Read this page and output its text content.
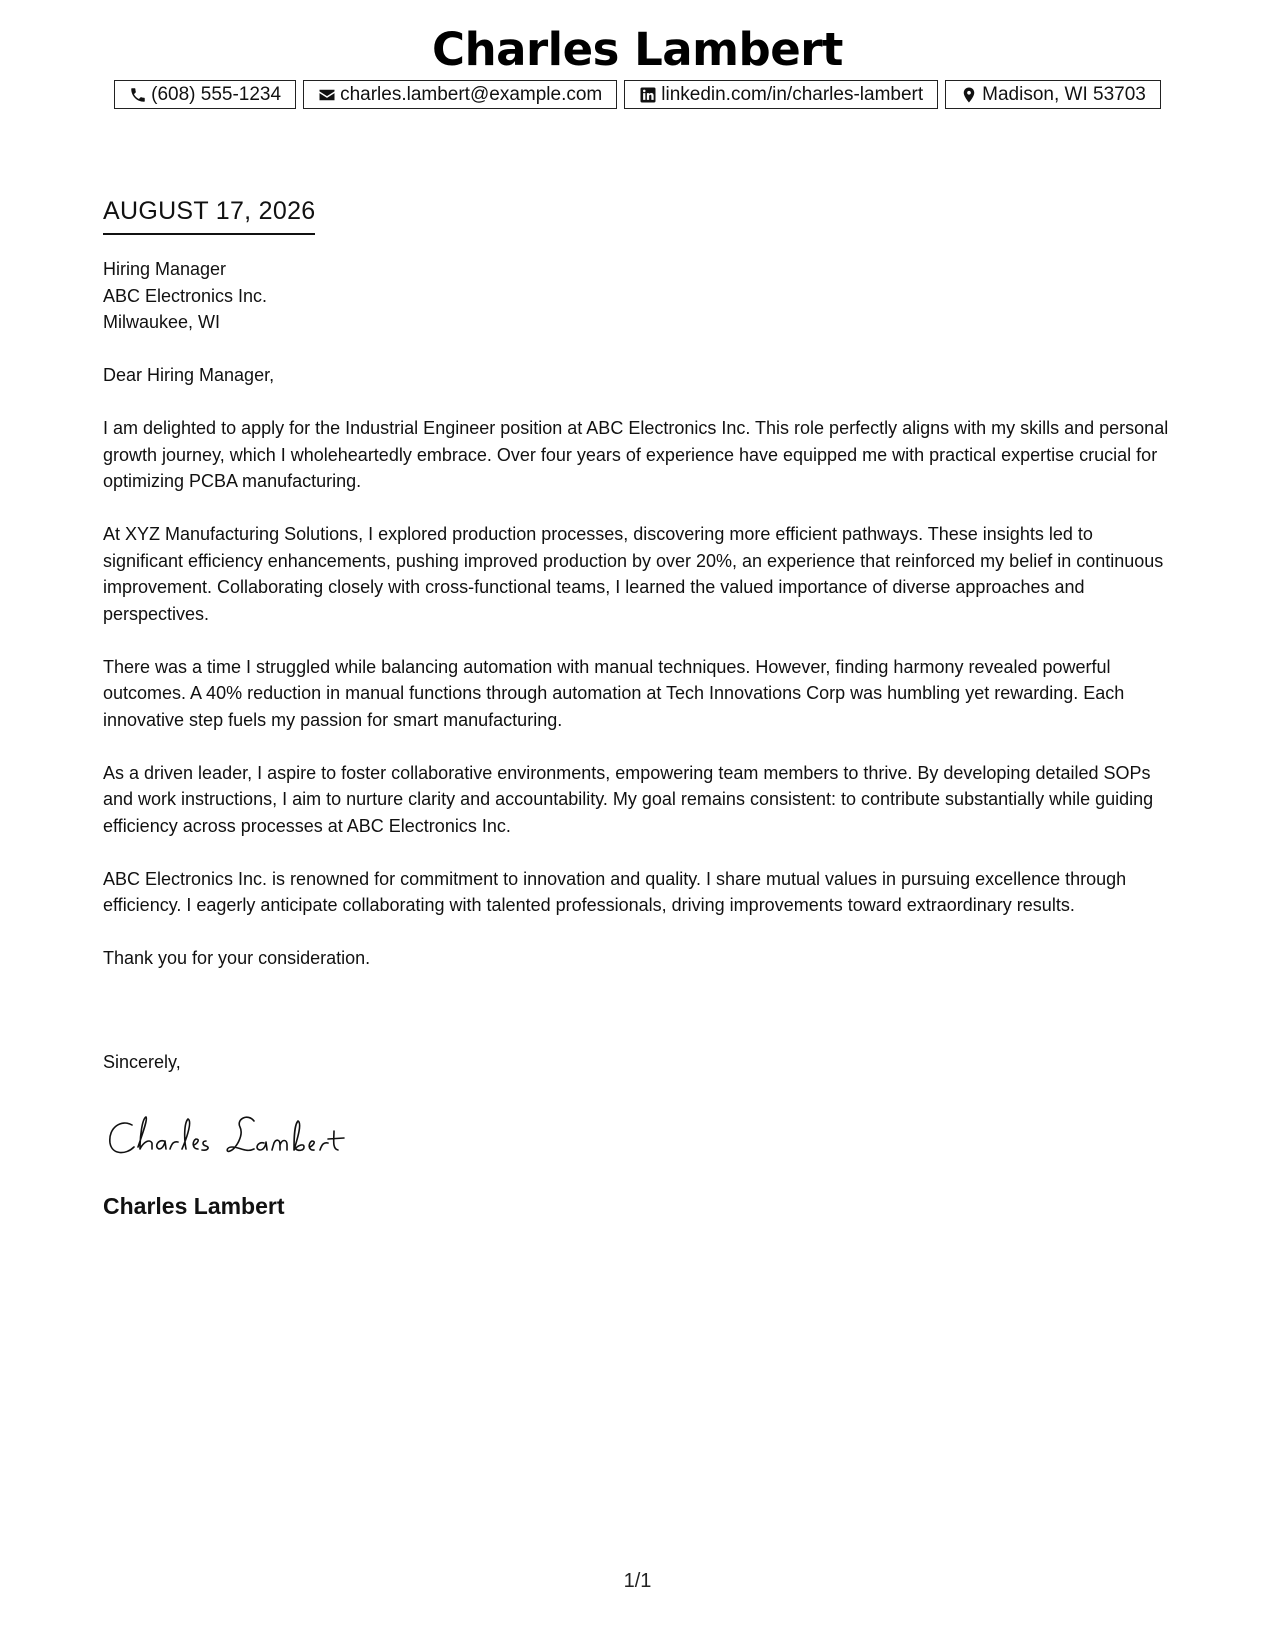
Charles Lambert
(608) 555-1234	charles.lambert@example.com	linkedin.com/in/charles-lambert	Madison, WI 53703
AUGUST 17, 2026
Hiring Manager
ABC Electronics Inc.
Milwaukee, WI

Dear Hiring Manager,

I am delighted to apply for the Industrial Engineer position at ABC Electronics Inc. This role perfectly aligns with my skills and personal growth journey, which I wholeheartedly embrace. Over four years of experience have equipped me with practical expertise crucial for optimizing PCBA manufacturing.

At XYZ Manufacturing Solutions, I explored production processes, discovering more efficient pathways. These insights led to significant efficiency enhancements, pushing improved production by over 20%, an experience that reinforced my belief in continuous improvement. Collaborating closely with cross-functional teams, I learned the valued importance of diverse approaches and perspectives.

There was a time I struggled while balancing automation with manual techniques. However, finding harmony revealed powerful outcomes. A 40% reduction in manual functions through automation at Tech Innovations Corp was humbling yet rewarding. Each innovative step fuels my passion for smart manufacturing.

As a driven leader, I aspire to foster collaborative environments, empowering team members to thrive. By developing detailed SOPs and work instructions, I aim to nurture clarity and accountability. My goal remains consistent: to contribute substantially while guiding efficiency across processes at ABC Electronics Inc.

ABC Electronics Inc. is renowned for commitment to innovation and quality. I share mutual values in pursuing excellence through efficiency. I eagerly anticipate collaborating with talented professionals, driving improvements toward extraordinary results.

Thank you for your consideration.

Sincerely,
Charles Lambert
1/1
